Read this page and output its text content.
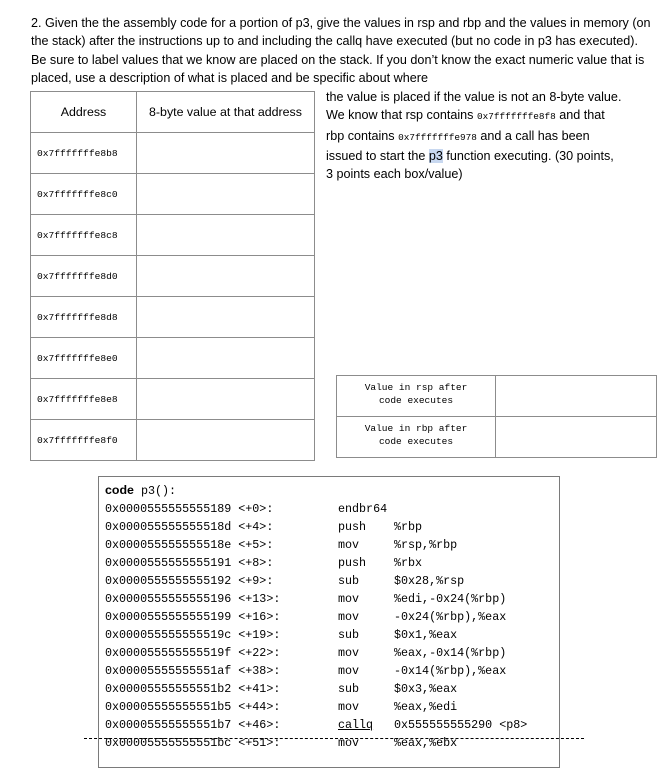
2. Given the the assembly code for a portion of p3, give the values in rsp and rbp and the values in memory (on the stack) after the instructions up to and including the callq have executed (but no code in p3 has executed). Be sure to label values that we know are placed on the stack. If you don’t know the exact numeric value that is placed, use a description of what is placed and be specific about where

the value is placed if the value is not an 8-byte value.

We know that rsp contains 0x7fffffffe8f8 and that

rbp contains 0x7fffffffe978 and a call has been

issued to start the p3 function executing. (30 points,

3 points each box/value)

Address	8-byte value at that address
0x7fffffffe8b8	
0x7fffffffe8c0	
0x7fffffffe8c8	
0x7fffffffe8d0	
0x7fffffffe8d8	
0x7fffffffe8e0	
0x7fffffffe8e8	
0x7fffffffe8f0	
Value in rsp after
code executes	

Value in rbp after
code executes	

code p3():
0x0000555555555189 <+0>:	endbr64
0x000055555555518d <+4>:	push %rbp
0x000055555555518e <+5>:	mov	%rsp,%rbp
0x0000555555555191 <+8>:	push %rbx
0x0000555555555192 <+9>:	sub	$0x28,%rsp
0x0000555555555196 <+13>:	mov	%edi,-0x24(%rbp)
0x0000555555555199 <+16>:	mov	-0x24(%rbp),%eax
0x000055555555519c <+19>:	sub	$0x1,%eax
0x000055555555519f <+22>:	mov	%eax,-0x14(%rbp)
0x00005555555551af <+38>:	mov	-0x14(%rbp),%eax
0x00005555555551b2 <+41>:	sub	$0x3,%eax
0x00005555555551b5 <+44>:	mov	%eax,%edi
0x00005555555551b7 <+46>:	callq 0x555555555290 <p8>
0x00005555555551bc <+51>:	mov	%eax,%ebx
